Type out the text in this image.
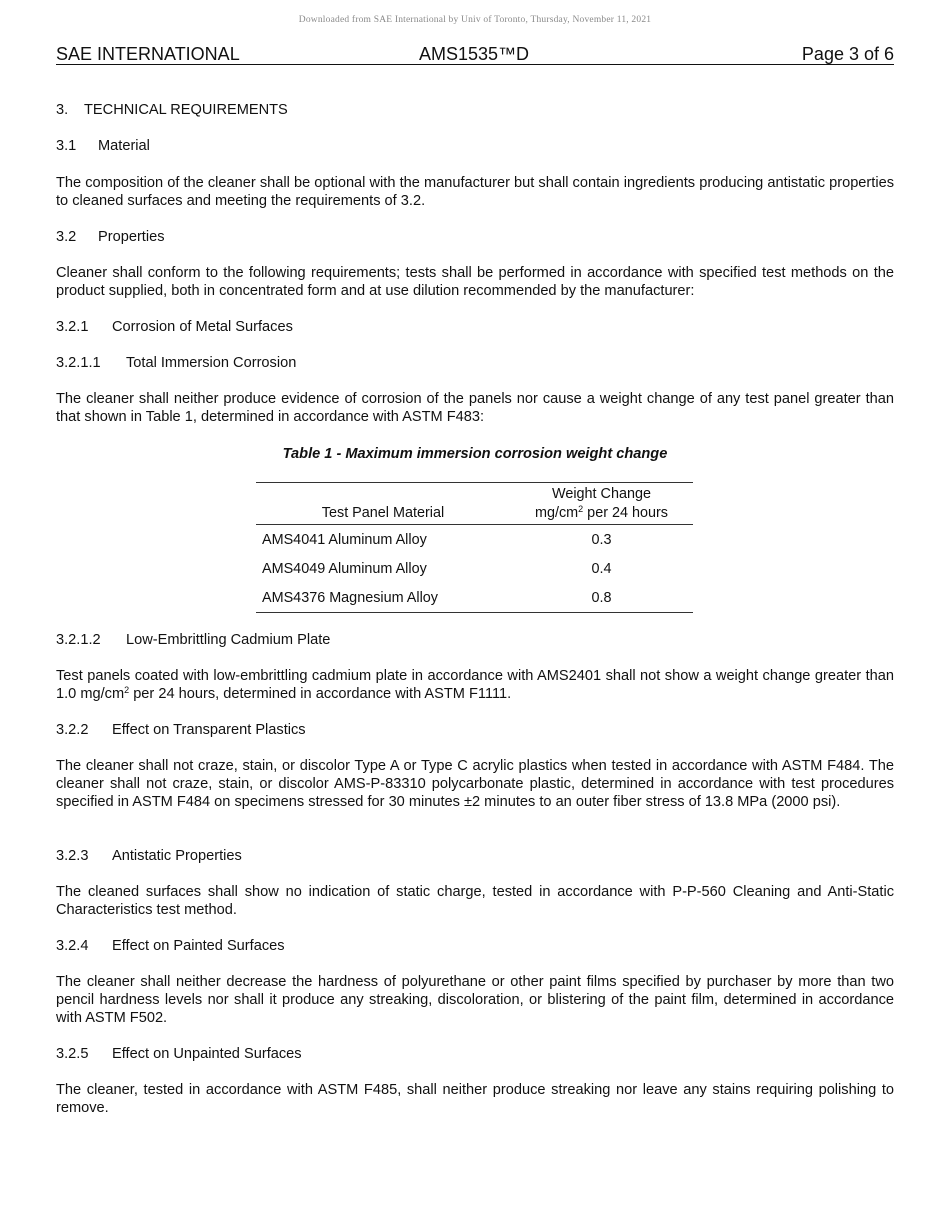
Downloaded from SAE International by Univ of Toronto, Thursday, November 11, 2021
SAE INTERNATIONAL	AMS1535™D	Page 3 of 6
3. TECHNICAL REQUIREMENTS
3.1 Material
The composition of the cleaner shall be optional with the manufacturer but shall contain ingredients producing antistatic properties to cleaned surfaces and meeting the requirements of 3.2.
3.2 Properties
Cleaner shall conform to the following requirements; tests shall be performed in accordance with specified test methods on the product supplied, both in concentrated form and at use dilution recommended by the manufacturer:
3.2.1 Corrosion of Metal Surfaces
3.2.1.1 Total Immersion Corrosion
The cleaner shall neither produce evidence of corrosion of the panels nor cause a weight change of any test panel greater than that shown in Table 1, determined in accordance with ASTM F483:
Table 1 - Maximum immersion corrosion weight change
Test Panel Material	Weight Change
$mg/cm^2$ per 24 hours
AMS4041 Aluminum Alloy	0.3
AMS4049 Aluminum Alloy	0.4
AMS4376 Magnesium Alloy	0.8
3.2.1.2 Low-Embrittling Cadmium Plate
Test panels coated with low-embrittling cadmium plate in accordance with AMS2401 shall not show a weight change greater than 1.0 $mg/cm^2$ per 24 hours, determined in accordance with ASTM F1111.
3.2.2 Effect on Transparent Plastics
The cleaner shall not craze, stain, or discolor Type A or Type C acrylic plastics when tested in accordance with ASTM F484. The cleaner shall not craze, stain, or discolor AMS-P-83310 polycarbonate plastic, determined in accordance with test procedures specified in ASTM F484 on specimens stressed for 30 minutes ±2 minutes to an outer fiber stress of 13.8 MPa (2000 psi).
3.2.3 Antistatic Properties
The cleaned surfaces shall show no indication of static charge, tested in accordance with P-P-560 Cleaning and Anti-Static Characteristics test method.
3.2.4 Effect on Painted Surfaces
The cleaner shall neither decrease the hardness of polyurethane or other paint films specified by purchaser by more than two pencil hardness levels nor shall it produce any streaking, discoloration, or blistering of the paint film, determined in accordance with ASTM F502.
3.2.5 Effect on Unpainted Surfaces
The cleaner, tested in accordance with ASTM F485, shall neither produce streaking nor leave any stains requiring polishing to remove.
